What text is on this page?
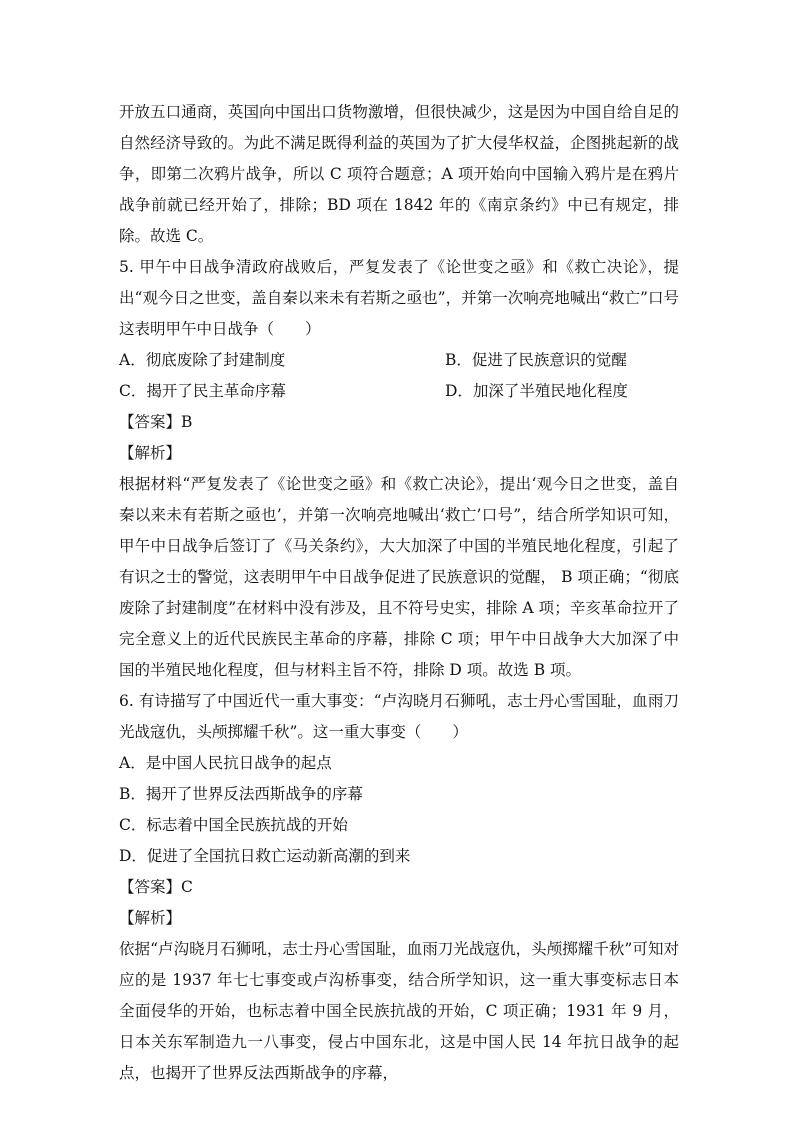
开放五口通商，英国向中国出口货物激增，但很快减少，这是因为中国自给自足的自然经济导致的。为此不满足既得利益的英国为了扩大侵华权益，企图挑起新的战争，即第二次鸦片战争，所以 C 项符合题意；A 项开始向中国输入鸦片是在鸦片战争前就已经开始了，排除；BD 项在 1842 年的《南京条约》中已有规定，排除。故选 C。

5. 甲午中日战争清政府战败后，严复发表了《论世变之亟》和《救亡决论》，提出“观今日之世变，盖自秦以来未有若斯之亟也”，并第一次响亮地喊出“救亡”口号这表明甲午中日战争（　　）

A．彻底废除了封建制度	B．促进了民族意识的觉醒
C．揭开了民主革命序幕	D．加深了半殖民地化程度

【答案】B

【解析】

根据材料“严复发表了《论世变之亟》和《救亡决论》，提出‘观今日之世变，盖自秦以来未有若斯之亟也’，并第一次响亮地喊出‘救亡’口号”，结合所学知识可知，甲午中日战争后签订了《马关条约》，大大加深了中国的半殖民地化程度，引起了有识之士的警觉，这表明甲午中日战争促进了民族意识的觉醒， B 项正确；“彻底废除了封建制度”在材料中没有涉及，且不符号史实，排除 A 项；辛亥革命拉开了完全意义上的近代民族民主革命的序幕，排除 C 项；甲午中日战争大大加深了中国的半殖民地化程度，但与材料主旨不符，排除 D 项。故选 B 项。

6. 有诗描写了中国近代一重大事变：“卢沟晓月石狮吼，志士丹心雪国耻，血雨刀光战寇仇，头颅掷耀千秋”。这一重大事变（　　）

A．是中国人民抗日战争的起点

B．揭开了世界反法西斯战争的序幕

C．标志着中国全民族抗战的开始

D．促进了全国抗日救亡运动新高潮的到来

【答案】C

【解析】

依据“卢沟晓月石狮吼，志士丹心雪国耻，血雨刀光战寇仇，头颅掷耀千秋”可知对应的是 1937 年七七事变或卢沟桥事变，结合所学知识，这一重大事变标志日本全面侵华的开始，也标志着中国全民族抗战的开始，C 项正确；1931 年 9 月，日本关东军制造九一八事变，侵占中国东北，这是中国人民 14 年抗日战争的起点，也揭开了世界反法西斯战争的序幕，
